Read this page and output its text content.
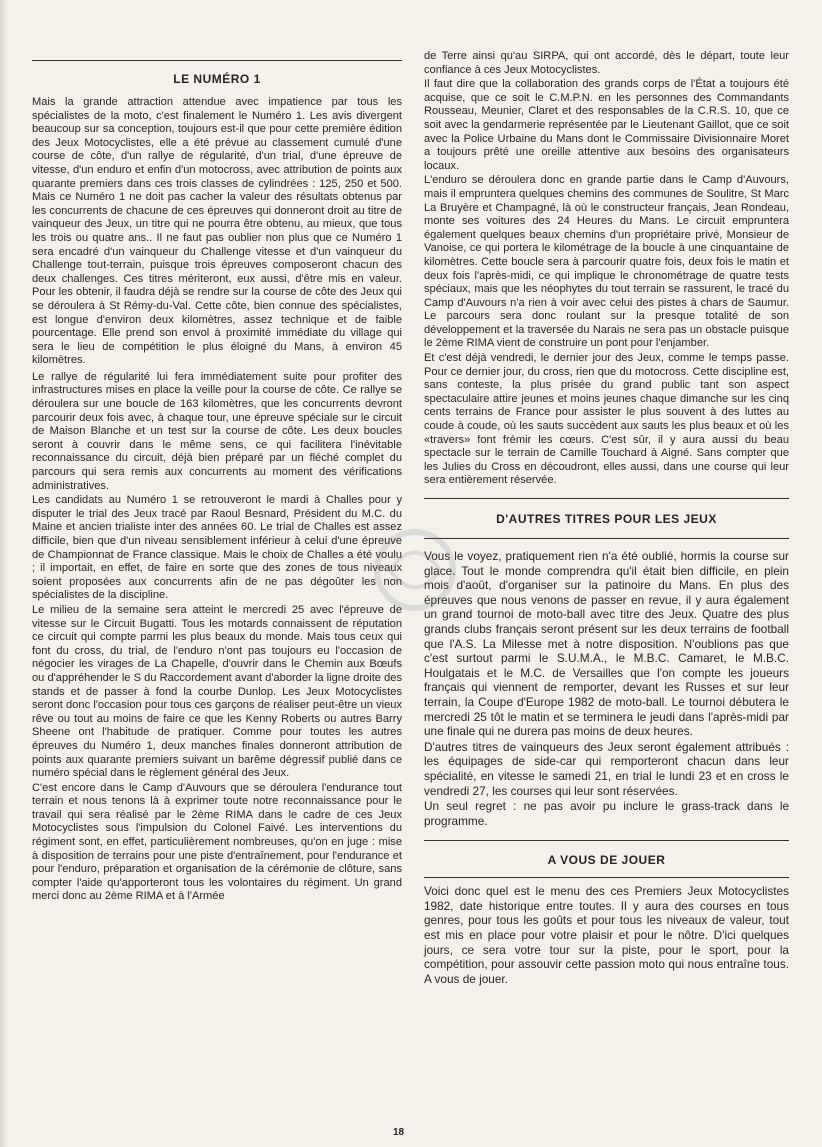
LE NUMÉRO 1

Mais la grande attraction attendue avec impatience par tous les spécialistes de la moto, c'est finalement le Numéro 1. Les avis divergent beaucoup sur sa conception, toujours est-il que pour cette première édition des Jeux Motocyclistes, elle a été prévue au classement cumulé d'une course de côte, d'un rallye de régularité, d'un trial, d'une épreuve de vitesse, d'un enduro et enfin d'un motocross, avec attribution de points aux quarante premiers dans ces trois classes de cylindrées : 125, 250 et 500. Mais ce Numéro 1 ne doit pas cacher la valeur des résultats obtenus par les concurrents de chacune de ces épreuves qui donneront droit au titre de vainqueur des Jeux, un titre qui ne pourra être obtenu, au mieux, que tous les trois ou quatre ans.. Il ne faut pas oublier non plus que ce Numéro 1 sera encadré d'un vainqueur du Challenge vitesse et d'un vainqueur du Challenge tout-terrain, puisque trois épreuves composeront chacun des deux challenges. Ces titres mériteront, eux aussi, d'être mis en valeur. Pour les obtenir, il faudra déjà se rendre sur la course de côte des Jeux qui se déroulera à St Rémy-du-Val. Cette côte, bien connue des spécialistes, est longue d'environ deux kilomètres, assez technique et de faible pourcentage. Elle prend son envol à proximité immédiate du village qui sera le lieu de compétition le plus éloigné du Mans, à environ 45 kilomètres.

Le rallye de régularité lui fera immédiatement suite pour profiter des infrastructures mises en place la veille pour la course de côte. Ce rallye se déroulera sur une boucle de 163 kilomètres, que les concurrents devront parcourir deux fois avec, à chaque tour, une épreuve spéciale sur le circuit de Maison Blanche et un test sur la course de côte. Les deux boucles seront à couvrir dans le même sens, ce qui facilitera l'inévitable reconnaissance du circuit, déjà bien préparé par un fléché complet du parcours qui sera remis aux concurrents au moment des vérifications administratives.

Les candidats au Numéro 1 se retrouveront le mardi à Challes pour y disputer le trial des Jeux tracé par Raoul Besnard, Président du M.C. du Maine et ancien trialiste inter des années 60. Le trial de Challes est assez difficile, bien que d'un niveau sensiblement inférieur à celui d'une épreuve de Championnat de France classique. Mais le choix de Challes a été voulu ; il importait, en effet, de faire en sorte que des zones de tous niveaux soient proposées aux concurrents afin de ne pas dégoûter les non spécialistes de la discipline.

Le milieu de la semaine sera atteint le mercredi 25 avec l'épreuve de vitesse sur le Circuit Bugatti. Tous les motards connaissent de réputation ce circuit qui compte parmi les plus beaux du monde. Mais tous ceux qui font du cross, du trial, de l'enduro n'ont pas toujours eu l'occasion de négocier les virages de La Chapelle, d'ouvrir dans le Chemin aux Bœufs ou d'appréhender le S du Raccordement avant d'aborder la ligne droite des stands et de passer à fond la courbe Dunlop. Les Jeux Motocyclistes seront donc l'occasion pour tous ces garçons de réaliser peut-être un vieux rêve ou tout au moins de faire ce que les Kenny Roberts ou autres Barry Sheene ont l'habitude de pratiquer. Comme pour toutes les autres épreuves du Numéro 1, deux manches finales donneront attribution de points aux quarante premiers suivant un barême dégressif publié dans ce numéro spécial dans le règlement général des Jeux.

C'est encore dans le Camp d'Auvours que se déroulera l'endurance tout terrain et nous tenons là à exprimer toute notre reconnaissance pour le travail qui sera réalisé par le 2ème RIMA dans le cadre de ces Jeux Motocyclistes sous l'impulsion du Colonel Faivé. Les interventions du régiment sont, en effet, particulièrement nombreuses, qu'on en juge : mise à disposition de terrains pour une piste d'entraînement, pour l'endurance et pour l'enduro, préparation et organisation de la cérémonie de clôture, sans compter l'aide qu'apporteront tous les volontaires du régiment. Un grand merci donc au 2ème RIMA et à l'Armée

de Terre ainsi qu'au SIRPA, qui ont accordé, dès le départ, toute leur confiance à ces Jeux Motocyclistes.

Il faut dire que la collaboration des grands corps de l'État a toujours été acquise, que ce soit le C.M.P.N. en les personnes des Commandants Rousseau, Meunier, Claret et des responsables de la C.R.S. 10, que ce soit avec la gendarmerie représentée par le Lieutenant Gaillot, que ce soit avec la Police Urbaine du Mans dont le Commissaire Divisionnaire Moret a toujours prêté une oreille attentive aux besoins des organisateurs locaux.

L'enduro se déroulera donc en grande partie dans le Camp d'Auvours, mais il empruntera quelques chemins des communes de Soulitre, St Marc La Bruyère et Champagné, là où le constructeur français, Jean Rondeau, monte ses voitures des 24 Heures du Mans. Le circuit empruntera également quelques beaux chemins d'un propriétaire privé, Monsieur de Vanoise, ce qui portera le kilométrage de la boucle à une cinquantaine de kilomètres. Cette boucle sera à parcourir quatre fois, deux fois le matin et deux fois l'après-midi, ce qui implique le chronométrage de quatre tests spéciaux, mais que les néophytes du tout terrain se rassurent, le tracé du Camp d'Auvours n'a rien à voir avec celui des pistes à chars de Saumur. Le parcours sera donc roulant sur la presque totalité de son développement et la traversée du Narais ne sera pas un obstacle puisque le 2ème RIMA vient de construire un pont pour l'enjamber.

Et c'est déjà vendredi, le dernier jour des Jeux, comme le temps passe. Pour ce dernier jour, du cross, rien que du motocross. Cette discipline est, sans conteste, la plus prisée du grand public tant son aspect spectaculaire attire jeunes et moins jeunes chaque dimanche sur les cinq cents terrains de France pour assister le plus souvent à des luttes au coude à coude, où les sauts succèdent aux sauts les plus beaux et où les «travers» font frémir les cœurs. C'est sûr, il y aura aussi du beau spectacle sur le terrain de Camille Touchard à Aigné. Sans compter que les Julies du Cross en découdront, elles aussi, dans une course qui leur sera entièrement réservée.

D'AUTRES TITRES POUR LES JEUX

Vous le voyez, pratiquement rien n'a été oublié, hormis la course sur glace. Tout le monde comprendra qu'il était bien difficile, en plein mois d'août, d'organiser sur la patinoire du Mans. En plus des épreuves que nous venons de passer en revue, il y aura également un grand tournoi de moto-ball avec titre des Jeux. Quatre des plus grands clubs français seront présent sur les deux terrains de football que l'A.S. La Milesse met à notre disposition. N'oublions pas que c'est surtout parmi le S.U.M.A., le M.B.C. Camaret, le M.B.C. Houlgatais et le M.C. de Versailles que l'on compte les joueurs français qui viennent de remporter, devant les Russes et sur leur terrain, la Coupe d'Europe 1982 de moto-ball. Le tournoi débutera le mercredi 25 tôt le matin et se terminera le jeudi dans l'après-midi par une finale qui ne durera pas moins de deux heures.

D'autres titres de vainqueurs des Jeux seront également attribués : les équipages de side-car qui remporteront chacun dans leur spécialité, en vitesse le samedi 21, en trial le lundi 23 et en cross le vendredi 27, les courses qui leur sont réservées.

Un seul regret : ne pas avoir pu inclure le grass-track dans le programme.

A VOUS DE JOUER

Voici donc quel est le menu des ces Premiers Jeux Motocyclistes 1982, date historique entre toutes. Il y aura des courses en tous genres, pour tous les goûts et pour tous les niveaux de valeur, tout est mis en place pour votre plaisir et pour le nôtre. D'ici quelques jours, ce sera votre tour sur la piste, pour le sport, pour la compétition, pour assouvir cette passion moto qui nous entraîne tous. A vous de jouer.

18
